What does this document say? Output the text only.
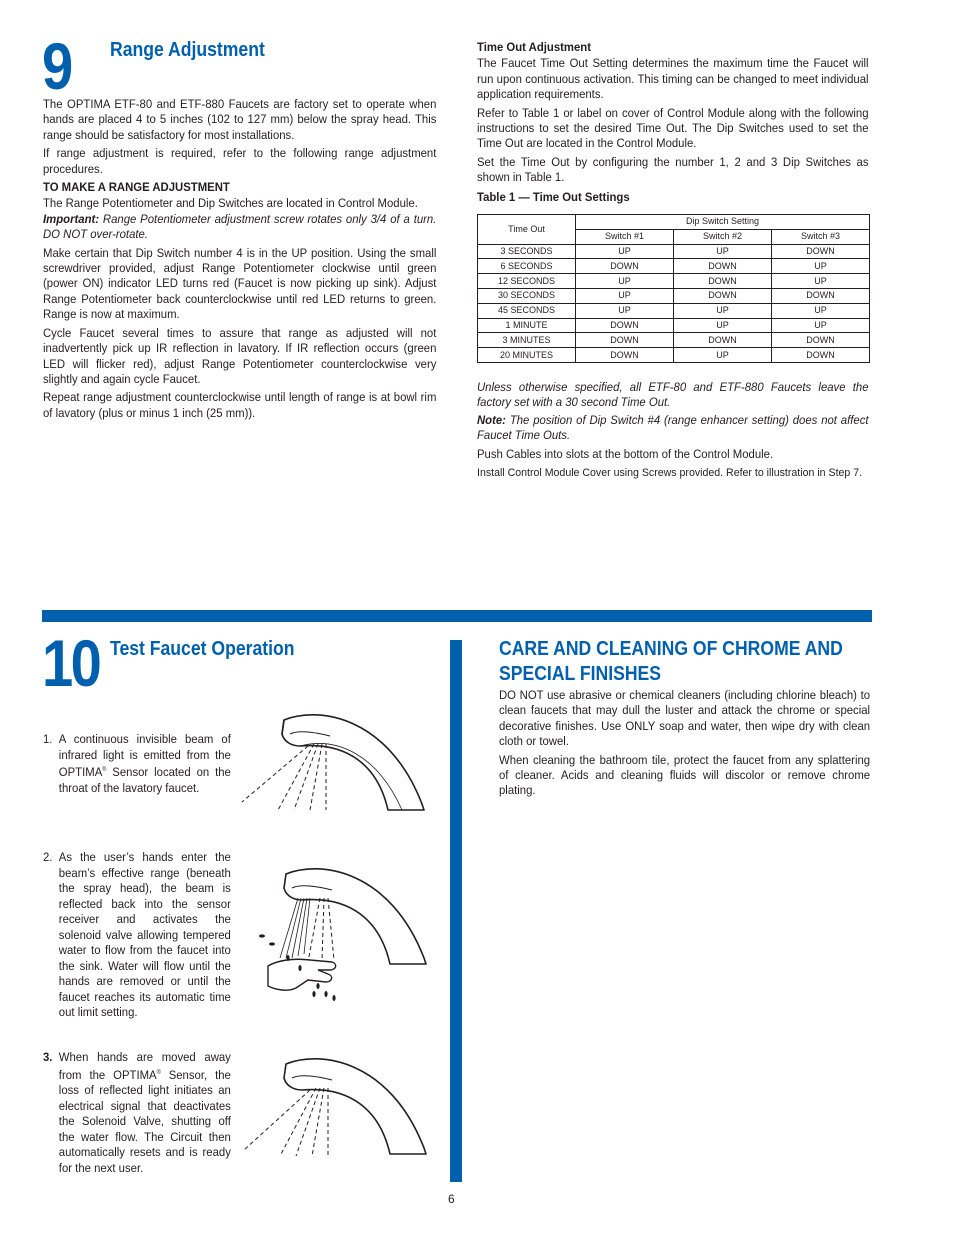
9 Range Adjustment

The OPTIMA ETF-80 and ETF-880 Faucets are factory set to operate when hands are placed 4 to 5 inches (102 to 127 mm) below the spray head. This range should be satisfactory for most installations.

If range adjustment is required, refer to the following range adjustment procedures.

TO MAKE A RANGE ADJUSTMENT

The Range Potentiometer and Dip Switches are located in Control Module.

Important: Range Potentiometer adjustment screw rotates only 3/4 of a turn. DO NOT over-rotate.

Make certain that Dip Switch number 4 is in the UP position. Using the small screwdriver provided, adjust Range Potentiometer clockwise until green (power ON) indicator LED turns red (Faucet is now picking up sink). Adjust Range Potentiometer back counterclockwise until red LED returns to green. Range is now at maximum.

Cycle Faucet several times to assure that range as adjusted will not inadvertently pick up IR reflection in lavatory. If IR reflection occurs (green LED will flicker red), adjust Range Potentiometer counterclockwise very slightly and again cycle Faucet.

Repeat range adjustment counterclockwise until length of range is at bowl rim of lavatory (plus or minus 1 inch (25 mm)).

Time Out Adjustment

The Faucet Time Out Setting determines the maximum time the Faucet will run upon continuous activation. This timing can be changed to meet individual application requirements.

Refer to Table 1 or label on cover of Control Module along with the following instructions to set the desired Time Out. The Dip Switches used to set the Time Out are located in the Control Module.

Set the Time Out by configuring the number 1, 2 and 3 Dip Switches as shown in Table 1.

Table 1 — Time Out Settings
Time Out	Dip Switch Setting		
	Switch #1	Switch #2	Switch #3
3 SECONDS	UP	UP	DOWN
6 SECONDS	DOWN	DOWN	UP
12 SECONDS	UP	DOWN	UP
30 SECONDS	UP	DOWN	DOWN
45 SECONDS	UP	UP	UP
1 MINUTE	DOWN	UP	UP
3 MINUTES	DOWN	DOWN	DOWN
20 MINUTES	DOWN	UP	DOWN

Unless otherwise specified, all ETF-80 and ETF-880 Faucets leave the factory set with a 30 second Time Out.

Note: The position of Dip Switch #4 (range enhancer setting) does not affect Faucet Time Outs.

Push Cables into slots at the bottom of the Control Module.

Install Control Module Cover using Screws provided. Refer to illustration in Step 7.

10 Test Faucet Operation
1. A continuous invisible beam of infrared light is emitted from the OPTIMA® Sensor located on the throat of the lavatory faucet.

2. As the user’s hands enter the beam’s effective range (beneath the spray head), the beam is reflected back into the sensor receiver and activates the solenoid valve allowing tempered water to flow from the faucet into the sink. Water will flow until the hands are removed or until the faucet reaches its automatic time out limit setting.

3. When hands are moved away from the OPTIMA® Sensor, the loss of reflected light initiates an electrical signal that deactivates the Solenoid Valve, shutting off the water flow. The Circuit then automatically resets and is ready for the next user.

CARE AND CLEANING OF CHROME AND
SPECIAL FINISHES

DO NOT use abrasive or chemical cleaners (including chlorine bleach) to clean faucets that may dull the luster and attack the chrome or special decorative finishes. Use ONLY soap and water, then wipe dry with clean cloth or towel.

When cleaning the bathroom tile, protect the faucet from any splattering of cleaner. Acids and cleaning fluids will discolor or remove chrome plating.

6
